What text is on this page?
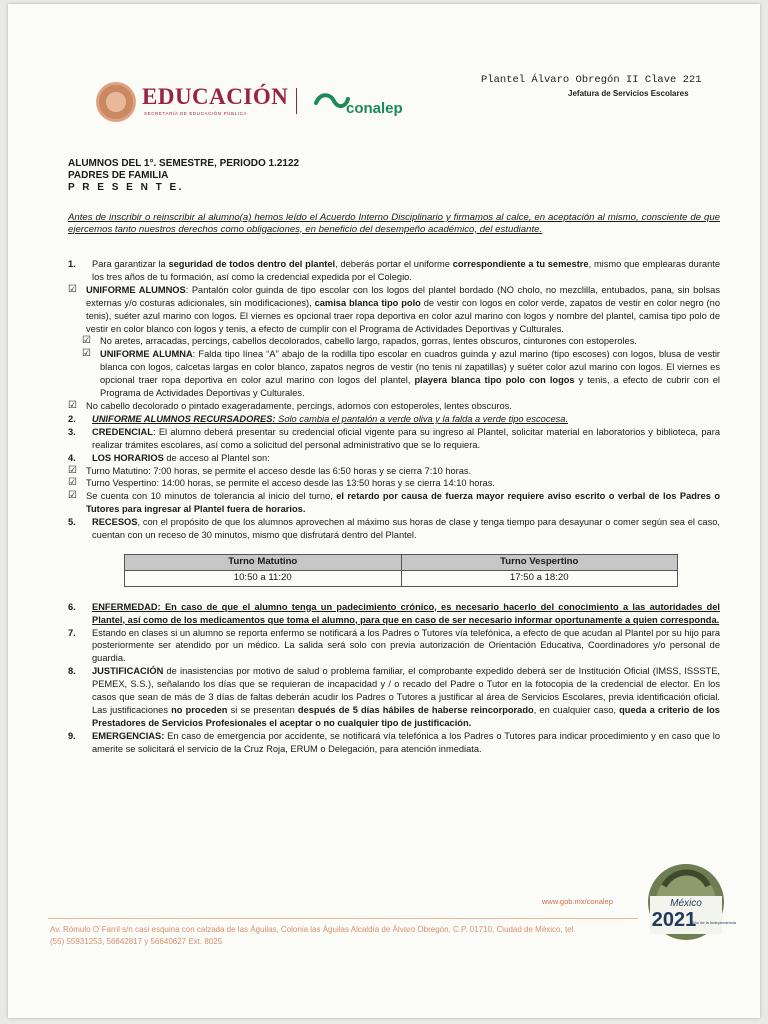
EDUCACIÓN
SECRETARÍA DE EDUCACIÓN PÚBLICA	conalep
Plantel Álvaro Obregón II Clave 221
Jefatura de Servicios Escolares
ALUMNOS DEL 1°. SEMESTRE, PERIODO 1.2122
PADRES DE FAMILIA
P R E S E N T E.
Antes de inscribir o reinscribir al alumno(a) hemos leído el Acuerdo Interno Disciplinario y firmamos al calce, en aceptación al mismo, consciente de que ejercemos tanto nuestros derechos como obligaciones, en beneficio del desempeño académico, del estudiante.
1.	Para garantizar la seguridad de todos dentro del plantel, deberás portar el uniforme correspondiente a tu semestre, mismo que emplearas durante los tres años de tu formación, así como la credencial expedida por el Colegio.
☑ UNIFORME ALUMNOS: Pantalón color guinda de tipo escolar con los logos del plantel bordado (NO cholo, no mezclilla, entubados, pana, sin bolsas externas y/o costuras adicionales, sin modificaciones), camisa blanca tipo polo de vestir con logos en color verde, zapatos de vestir en color negro (no tenis), suéter azul marino con logos. El viernes es opcional traer ropa deportiva en color azul marino con logos y nombre del plantel, camisa tipo polo de vestir en color blanco con logos y tenis, a efecto de cumplir con el Programa de Actividades Deportivas y Culturales.
☑ No aretes, arracadas, percings, cabellos decolorados, cabello largo, rapados, gorras, lentes obscuros, cinturones con estoperoles.
☑ UNIFORME ALUMNA: Falda tipo línea “A” abajo de la rodilla tipo escolar en cuadros guinda y azul marino (tipo escoses) con logos, blusa de vestir blanca con logos, calcetas largas en color blanco, zapatos negros de vestir (no tenis ni zapatillas) y suéter color azul marino con logos. El viernes es opcional traer ropa deportiva en color azul marino con logos del plantel, playera blanca tipo polo con logos y tenis, a efecto de cubrir con el Programa de Actividades Deportivas y Culturales.
☑ No cabello decolorado o pintado exageradamente, percings, adornos con estoperoles, lentes obscuros.
2.	UNIFORME ALUMNOS RECURSADORES: Solo cambia el pantalón a verde oliva y la falda a verde tipo escocesa.
3.	CREDENCIAL: El alumno deberá presentar su credencial oficial vigente para su ingreso al Plantel, solicitar material en laboratorios y biblioteca, para realizar trámites escolares, así como a solicitud del personal administrativo que se lo requiera.
4.	LOS HORARIOS de acceso al Plantel son:
☑ Turno Matutino: 7:00 horas, se permite el acceso desde las 6:50 horas y se cierra 7:10 horas.
☑ Turno Vespertino: 14:00 horas, se permite el acceso desde las 13:50 horas y se cierra 14:10 horas.
☑ Se cuenta con 10 minutos de tolerancia al inicio del turno, el retardo por causa de fuerza mayor requiere aviso escrito o verbal de los Padres o Tutores para ingresar al Plantel fuera de horarios.
5.	RECESOS, con el propósito de que los alumnos aprovechen al máximo sus horas de clase y tenga tiempo para desayunar o comer según sea el caso, cuentan con un receso de 30 minutos, mismo que disfrutará dentro del Plantel.
Turno Matutino	Turno Vespertino
10:50 a 11:20	17:50 a 18:20
6.	ENFERMEDAD: En caso de que el alumno tenga un padecimiento crónico, es necesario hacerlo del conocimiento a las autoridades del Plantel, así como de los medicamentos que toma el alumno, para que en caso de ser necesario informar oportunamente a quien corresponda.
7.	Estando en clases si un alumno se reporta enfermo se notificará a los Padres o Tutores vía telefónica, a efecto de que acudan al Plantel por su hijo para posteriormente ser atendido por un médico. La salida será solo con previa autorización de Orientación Educativa, Coordinadores y/o personal de guardia.
8.	JUSTIFICACIÓN de inasistencias por motivo de salud o problema familiar, el comprobante expedido deberá ser de Institución Oficial (IMSS, ISSSTE, PEMEX, S.S.), señalando los días que se requieran de incapacidad y / o recado del Padre o Tutor en la fotocopia de la credencial de elector. En los casos que sean de más de 3 días de faltas deberán acudir los Padres o Tutores a justificar al área de Servicios Escolares, previa identificación oficial. Las justificaciones no proceden si se presentan después de 5 días hábiles de haberse reincorporado, en cualquier caso, queda a criterio de los Prestadores de Servicios Profesionales el aceptar o no cualquier tipo de justificación.
9.	EMERGENCIAS: En caso de emergencia por accidente, se notificará vía telefónica a los Padres o Tutores para indicar procedimiento y en caso que lo amerite se solicitará el servicio de la Cruz Roja, ERUM o Delegación, para atención inmediata.
www.gob.mx/conalep
Av. Rómulo O´Farril s/n casi esquina con calzada de las Águilas, Colonia las Águilas Alcaldía de Álvaro Obregón, C.P. 01710, Ciudad de México, tel.
(55) 55931253, 56642817 y 56640627 Ext. 8025
México
2021
Año de la Independencia
